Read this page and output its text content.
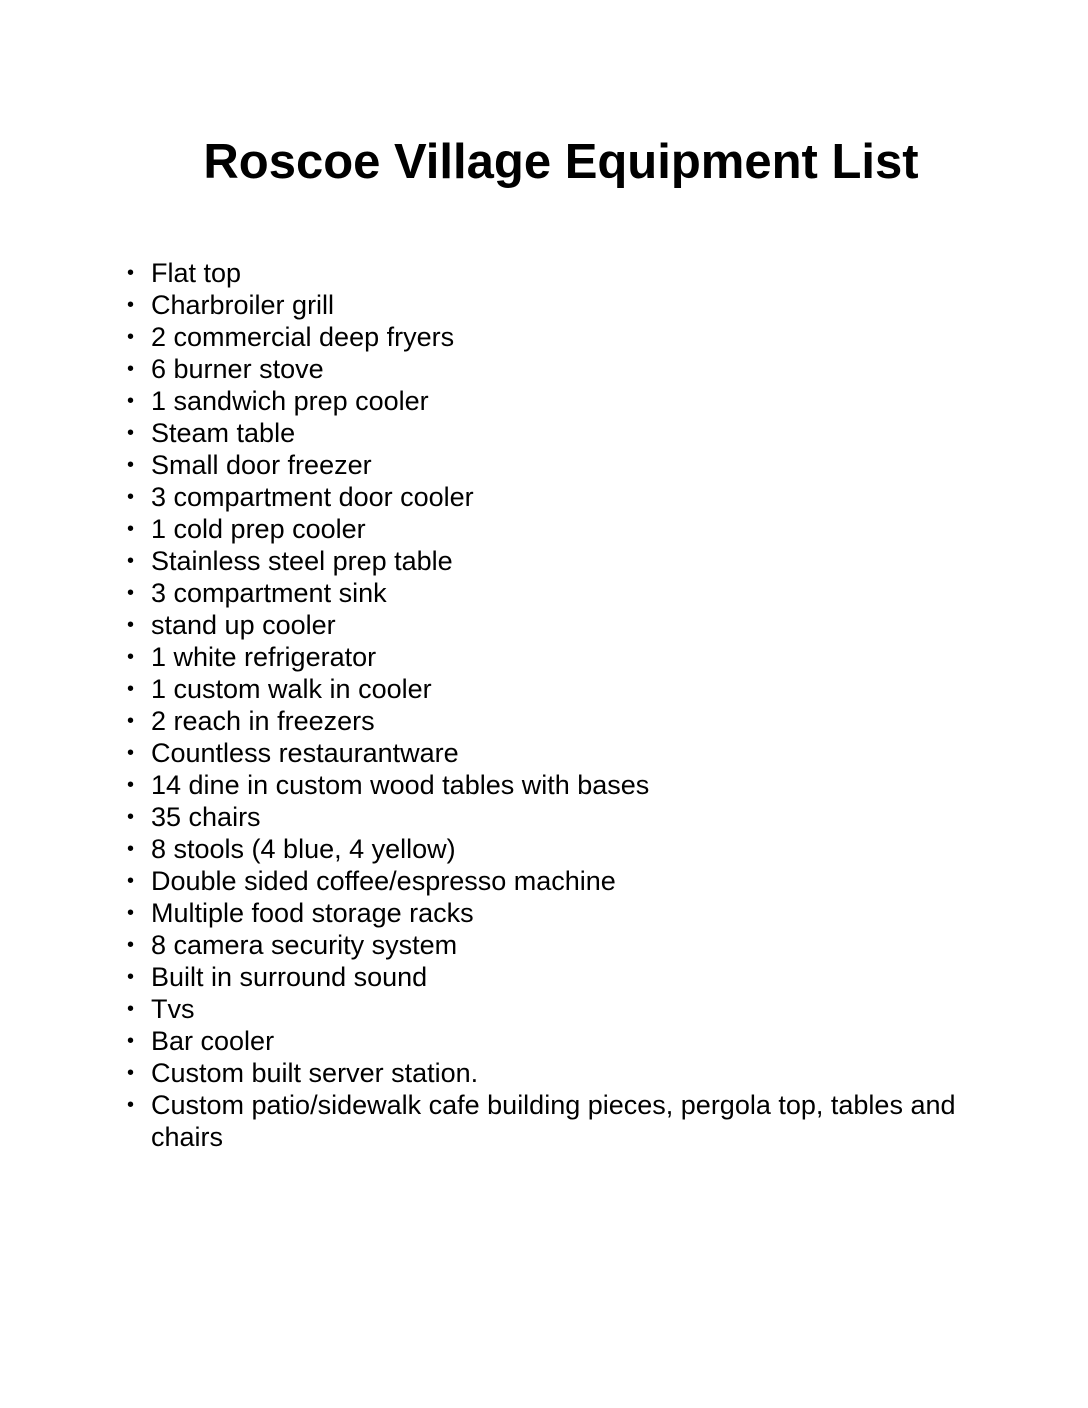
Roscoe Village Equipment List
• Flat top
• Charbroiler grill
• 2 commercial deep fryers
• 6 burner stove
• 1 sandwich prep cooler
• Steam table
• Small door freezer
• 3 compartment door cooler
• 1 cold prep cooler
• Stainless steel prep table
• 3 compartment sink
• stand up cooler
• 1 white refrigerator
• 1 custom walk in cooler
• 2 reach in freezers
• Countless restaurantware
• 14 dine in custom wood tables with bases
• 35 chairs
• 8 stools (4 blue, 4 yellow)
• Double sided coffee/espresso machine
• Multiple food storage racks
• 8 camera security system
• Built in surround sound
• Tvs
• Bar cooler
• Custom built server station.
• Custom patio/sidewalk cafe building pieces, pergola top, tables and chairs
